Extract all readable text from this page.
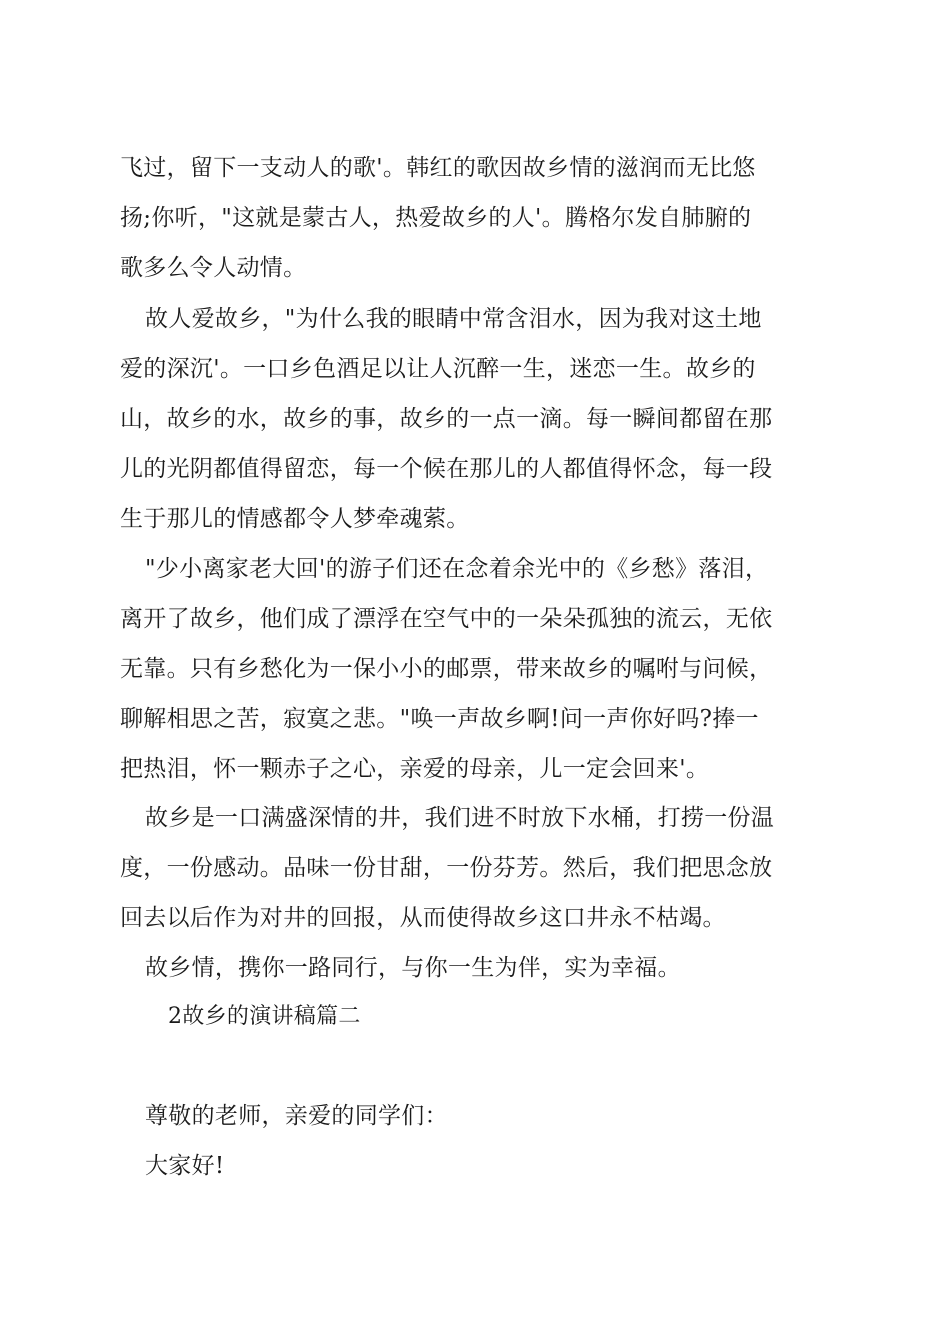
飞过，留下一支动人的歌'。韩红的歌因故乡情的滋润而无比悠
扬;你听，"这就是蒙古人，热爱故乡的人'。腾格尔发自肺腑的
歌多么令人动情。
故人爱故乡，"为什么我的眼睛中常含泪水，因为我对这土地
爱的深沉'。一口乡色酒足以让人沉醉一生，迷恋一生。故乡的
山，故乡的水，故乡的事，故乡的一点一滴。每一瞬间都留在那
儿的光阴都值得留恋，每一个候在那儿的人都值得怀念，每一段
生于那儿的情感都令人梦牵魂萦。
"少小离家老大回'的游子们还在念着余光中的《乡愁》落泪，
离开了故乡，他们成了漂浮在空气中的一朵朵孤独的流云，无依
无靠。只有乡愁化为一保小小的邮票，带来故乡的嘱咐与问候，
聊解相思之苦，寂寞之悲。"唤一声故乡啊!问一声你好吗?捧一
把热泪，怀一颗赤子之心，亲爱的母亲，儿一定会回来'。
故乡是一口满盛深情的井，我们进不时放下水桶，打捞一份温
度，一份感动。品味一份甘甜，一份芬芳。然后，我们把思念放
回去以后作为对井的回报，从而使得故乡这口井永不枯竭。
故乡情，携你一路同行，与你一生为伴，实为幸福。
2故乡的演讲稿篇二
尊敬的老师，亲爱的同学们：
大家好!
